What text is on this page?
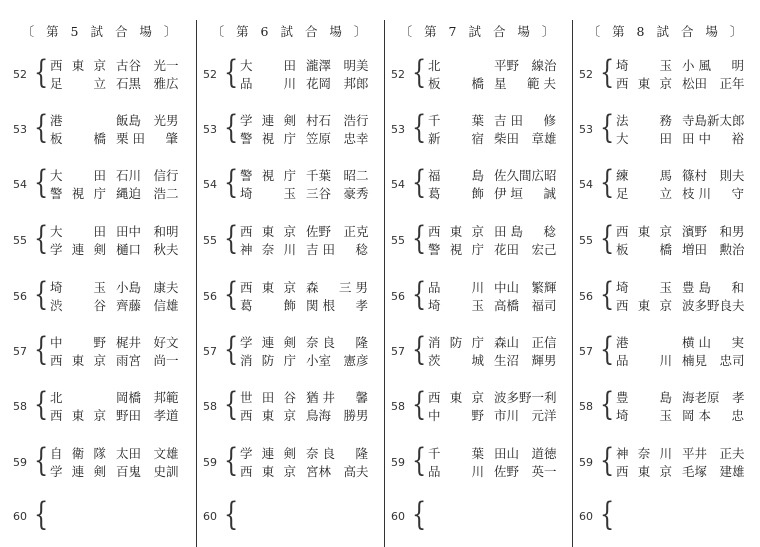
〔 第 5 試 合 場 〕
52 { 西東京 古谷　光一
足　立 石黒　雅広
53 { 港	飯島　光男
板　橋 栗田　肇
54 { 大　田 石川　信行
警視庁 縄迫　浩二
55 { 大　田 田中　和明
学連剣 樋口　秋夫
56 { 埼　玉 小島　康夫
渋　谷 齊藤　信雄
57 { 中　野 梶井　好文
西東京 雨宮　尚一
58 { 北	岡橋　邦範
西東京 野田　孝道
59 { 自衛隊 太田　文雄
学連剣 百鬼　史訓
60 {
〔 第 6 試 合 場 〕
52 { 大　田 瀧澤　明美
品　川 花岡　邦郎
53 { 学連剣 村石　浩行
警視庁 笠原　忠幸
54 { 警視庁 千葉　昭二
埼　玉 三谷　豪秀
55 { 西東京 佐野　正克
神奈川 吉田　稔
56 { 西東京 森　三男
葛　飾 関根　孝
57 { 学連剣 奈良　隆
消防庁 小室　憲彦
58 { 世田谷 猶井　馨
西東京 鳥海　勝男
59 { 学連剣 奈良　隆
西東京 宮林　高夫
60 {
〔 第 7 試 合 場 〕
52 { 北	平野　線治
板　橋 星　範夫
53 { 千　葉 吉田　修
新　宿 柴田　章雄
54 { 福　島 佐久間広昭
葛　飾 伊垣　誠
55 { 西東京 田島　稔
警視庁 花田　宏己
56 { 品　川 中山　繁輝
埼　玉 高橋　福司
57 { 消防庁 森山　正信
茨　城 生沼　輝男
58 { 西東京 波多野一利
中　野 市川　元洋
59 { 千　葉 田山　道徳
品　川 佐野　英一
60 {
〔 第 8 試 合 場 〕
52 { 埼　玉 小風　明
西東京 松田　正年
53 { 法　務 寺島新太郎
大　田 田中　裕
54 { 練　馬 篠村　則夫
足　立 枝川　守
55 { 西東京 濱野　和男
板　橋 増田　勲治
56 { 埼　玉 豊島　和
西東京 波多野良夫
57 { 港	横山　実
品　川 楠見　忠司
58 { 豊　島 海老原　孝
埼　玉 岡本　忠
59 { 神奈川 平井　正夫
西東京 毛塚　建雄
60 {
